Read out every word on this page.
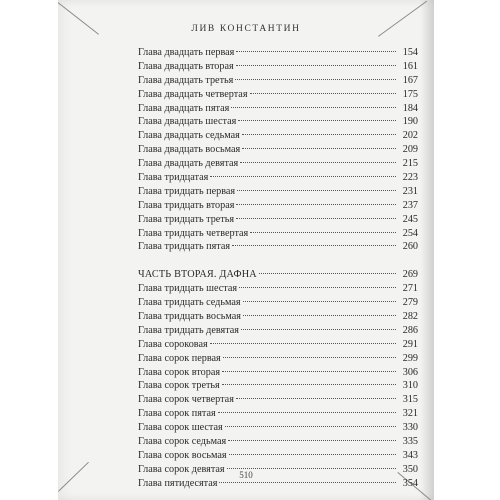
ЛИВ КОНСТАНТИН
Глава двадцать первая	154
Глава двадцать вторая	161
Глава двадцать третья	167
Глава двадцать четвертая	175
Глава двадцать пятая	184
Глава двадцать шестая	190
Глава двадцать седьмая	202
Глава двадцать восьмая	209
Глава двадцать девятая	215
Глава тридцатая	223
Глава тридцать первая	231
Глава тридцать вторая	237
Глава тридцать третья	245
Глава тридцать четвертая	254
Глава тридцать пятая	260
ЧАСТЬ ВТОРАЯ. ДАФНА	269
Глава тридцать шестая	271
Глава тридцать седьмая	279
Глава тридцать восьмая	282
Глава тридцать девятая	286
Глава сороковая	291
Глава сорок первая	299
Глава сорок вторая	306
Глава сорок третья	310
Глава сорок четвертая	315
Глава сорок пятая	321
Глава сорок шестая	330
Глава сорок седьмая	335
Глава сорок восьмая	343
Глава сорок девятая	350
Глава пятидесятая	354
510
